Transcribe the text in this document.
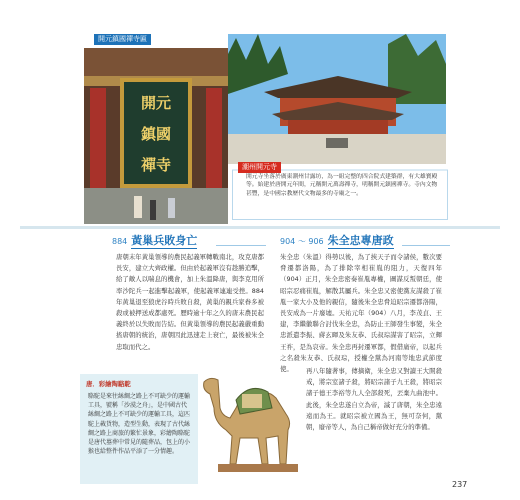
開元
鎮國
禪寺
開元鎮國禪寺匾
潮州開元寺
開元寺坐落於廣東潮州甘露坊，為一組完整的四合院式建築群，有大雄寶殿等。始建於唐開元年間，元稱開元萬壽禪寺，明稱開元鎮國禪寺。寺內文物甚豐，是中國宗教歷代文物最多的寺廟之一。
884 黃巢兵敗身亡
唐朝末年黃巢領導的農民起義軍轉戰南北，攻克唐都長安，建立大齊政權。但由於起義軍沒有趁勝追擊，給了敵人以喘息的機會，加上朱溫降唐，與李克用所率沙陀兵一起進擊起義軍，使起義軍連連受挫。884年黃巢退至狼虎谷時兵敗自殺，黃巢的親兵家眷多被殺或被押送成都處死。歷時逾十年之久的唐末農民起義終於以失敗而告結。但黃巢領導的農民起義嚴重動搖唐朝的統治，唐朝因此迅速走上衰亡，最後被朱全忠取而代之。
唐．彩繪陶駱駝
駱駝是來往絲綢之路上不可缺少的運輸工具，號稱「沙漠之舟」，是中國古代絲綢之路上不可缺少的運輸工具，這匹駝上載貨物，造型生動，表現了古代絲綢之路上商旅的繁忙景象，彩繪陶駱駝是唐代墓葬中常見的隨葬品，包上的小猴也給整件作品平添了一分情趣。
904 ～ 906 朱全忠專唐政
朱全忠（朱溫）得勢以後，為了挾天子而令諸侯，數次要脅遷都洛陽，為了排除宰相崔胤的阻力，天復四年（904）正月，朱全忠密奏崔胤專權，圖謀反叛朝廷，使昭宗忍痛崔胤，解散其屬兵。朱全忠又密使黨友謀殺了崔胤一家大小及他的親信，隨後朱全忠脅迫昭宗遷都洛陽，長安成為一片廢墟。天祐元年（904）八月，李茂貞、王建，李繼徽聯合討伐朱全忠，為防止王師發生事變，朱全忠派遣李振、蔣玄暉及朱友恭、氏叔琮謀害了昭宗，立輝王祚，是為哀帝。朱全忠再封遷軍都，假借廣帝，以起兵之名殺朱友恭、氏叔琮，授權全黨為河南等地忠武節度使。	再八年隨著事，傳摘衛，朱全忠又對讀王大開殺戒，將宗室諸子殺，將昭宗諸子九王殺，將昭宗諸子德王李裕等九人全部殺死，丟棄九曲池中。此後，朱全忠遂自立為帝，滅了唐朝，朱全忠遠遠而為王。就昭宗被立國為王，無可奈何，黨朝，廢帝等人，為自己稱帝做好充分的準備。
237
